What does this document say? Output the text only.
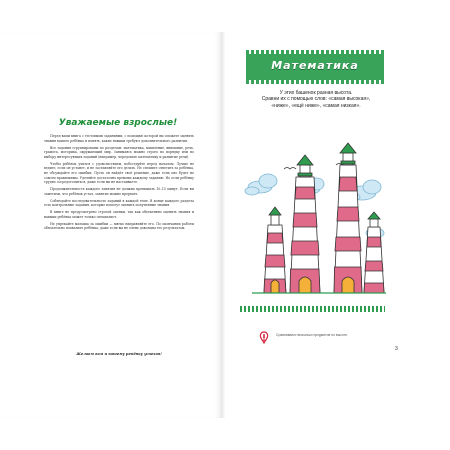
Уважаемые взрослые!

Перед вами книга с тестовыми заданиями, с помощью которой вы сможете оценить знания вашего ребёнка и понять, какие навыки требуют дополнительного развития.

Все задания сгруппированы по разделам: математика, мышление, внимание, речь, грамота, моторика, окружающий мир. Занимаясь можно строго по порядку или по выбору интересующих заданий (например, чередовать математику и развитие речи).

Чтобы ребёнок учился с удовольствием, побеседуйте перед началом. Лучше не ведите, если он устанет, и не заставляйте его делать. Не спешите ответить за ребёнка, не обсуждайте его ошибки. Пусть он найдёт своё решение, даже если оно будет не совсем правильным. Уделяйте достаточно времени каждому заданию. Но если ребёнку трудно сосредоточиться, даже если вы не настаиваете.

Продолжительность каждого занятия не должна превышать 10–15 минут. Если вы заметили, что ребёнок устал, занятие можно прервать.

Соблюдайте последовательность заданий в каждой теме. В конце каждого раздела есть контрольные задания, которые помогут оценить полученные знания.

В книге не предусмотрено строгой оценки, так как объективно оценить знания и навыки ребёнка может только специалист.

Не упрекайте малыша за ошибки — мягко направляйте его. По окончании работы обязательно похвалите ребёнка, даже если вы не очень довольны его результатом.

Желаем вам и вашему ребёнку успехов!
Математика
У этих башенок разная высота.
Сравни их с помощью слов: «самая высокая»,
«ниже», «ещё ниже», «самая низкая».
Сравниваем несколько предметов по высоте.
3
